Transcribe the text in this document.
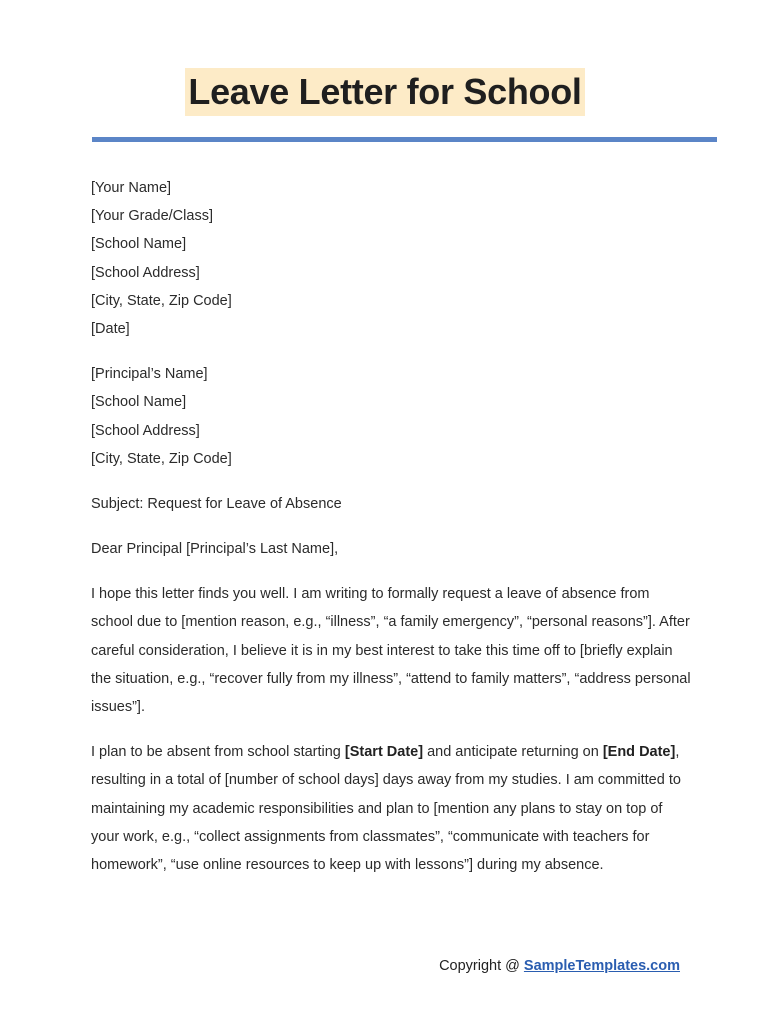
Leave Letter for School
[Your Name]
[Your Grade/Class]
[School Name]
[School Address]
[City, State, Zip Code]
[Date]
[Principal’s Name]
[School Name]
[School Address]
[City, State, Zip Code]
Subject: Request for Leave of Absence
Dear Principal [Principal’s Last Name],

I hope this letter finds you well. I am writing to formally request a leave of absence from school due to [mention reason, e.g., “illness”, “a family emergency”, “personal reasons”]. After careful consideration, I believe it is in my best interest to take this time off to [briefly explain the situation, e.g., “recover fully from my illness”, “attend to family matters”, “address personal issues”].

I plan to be absent from school starting [Start Date] and anticipate returning on [End Date], resulting in a total of [number of school days] days away from my studies. I am committed to maintaining my academic responsibilities and plan to [mention any plans to stay on top of your work, e.g., “collect assignments from classmates”, “communicate with teachers for homework”, “use online resources to keep up with lessons”] during my absence.

Copyright @ SampleTemplates.com
